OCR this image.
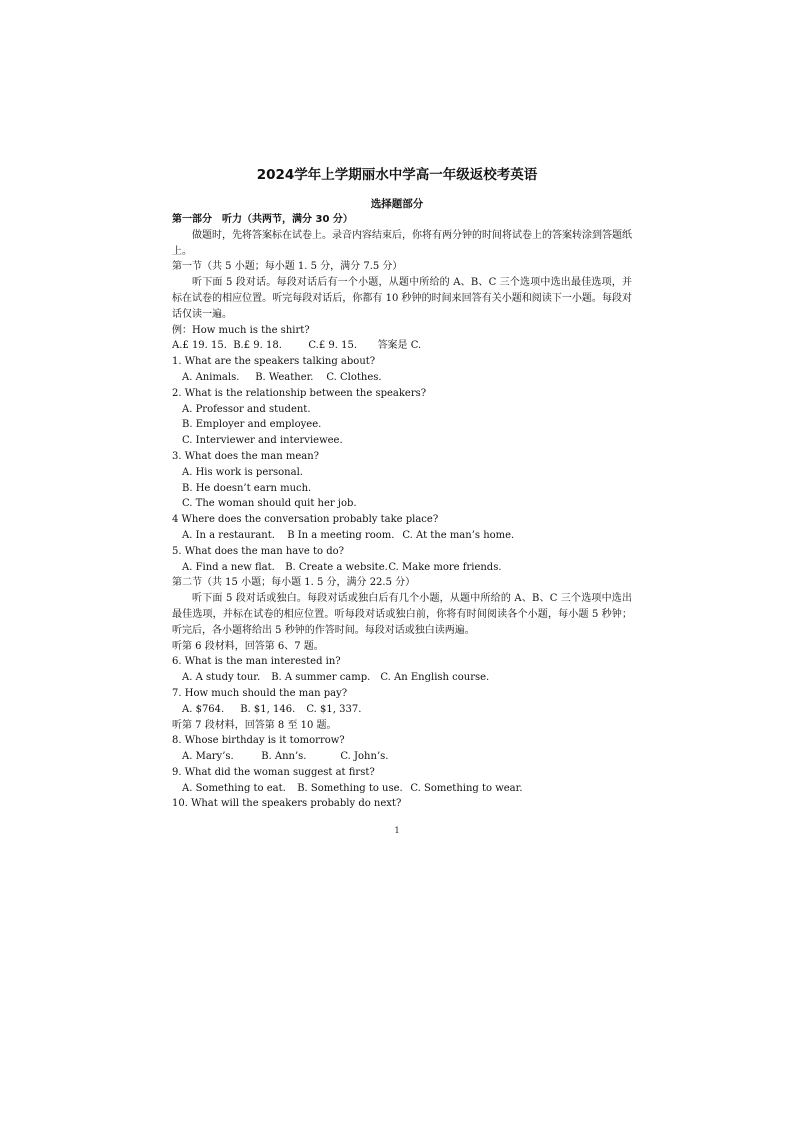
2024学年上学期丽水中学高一年级返校考英语
选择题部分
第一部分　听力（共两节，满分 30 分）
做题时，先将答案标在试卷上。录音内容结束后，你将有两分钟的时间将试卷上的答案转涂到答题纸上。
第一节（共 5 小题；每小题 1. 5 分，满分 7.5 分）
听下面 5 段对话。每段对话后有一个小题，从题中所给的 A、B、C 三个选项中选出最佳选项，并标在试卷的相应位置。听完每段对话后，你都有 10 秒钟的时间来回答有关小题和阅读下一小题。每段对话仅读一遍。
例：How much is the shirt?
A.£ 19. 15. B.£ 9. 18.	C.£ 9. 15. 答案是 C.
1. What are the speakers talking about?
A. Animals. B. Weather. C. Clothes.
2. What is the relationship between the speakers?
A. Professor and student.
B. Employer and employee.
C. Interviewer and interviewee.
3. What does the man mean?
A. His work is personal.
B. He doesn’t earn much.
C. The woman should quit her job.
4 Where does the conversation probably take place?
A. In a restaurant. B In a meeting room. C. At the man’s home.
5. What does the man have to do?
A. Find a new flat. B. Create a website. C. Make more friends.
第二节（共 15 小题；每小题 1. 5 分，满分 22.5 分）
听下面 5 段对话或独白。每段对话或独白后有几个小题，从题中所给的 A、B、C 三个选项中选出最佳选项，并标在试卷的相应位置。听每段对话或独白前，你将有时间阅读各个小题，每小题 5 秒钟；听完后，各小题将给出 5 秒钟的作答时间。每段对话或独白读两遍。
听第 6 段材料，回答第 6、7 题。
6. What is the man interested in?
A. A study tour. B. A summer camp. C. An English course.
7. How much should the man pay?
A. $764. B. $1, 146. C. $1, 337.
听第 7 段材料，回答第 8 至 10 题。
8. Whose birthday is it tomorrow?
A. Mary’s.	B. Ann’s.	C. John’s.
9. What did the woman suggest at first?
A. Something to eat. B. Something to use. C. Something to wear.
10. What will the speakers probably do next?
1
